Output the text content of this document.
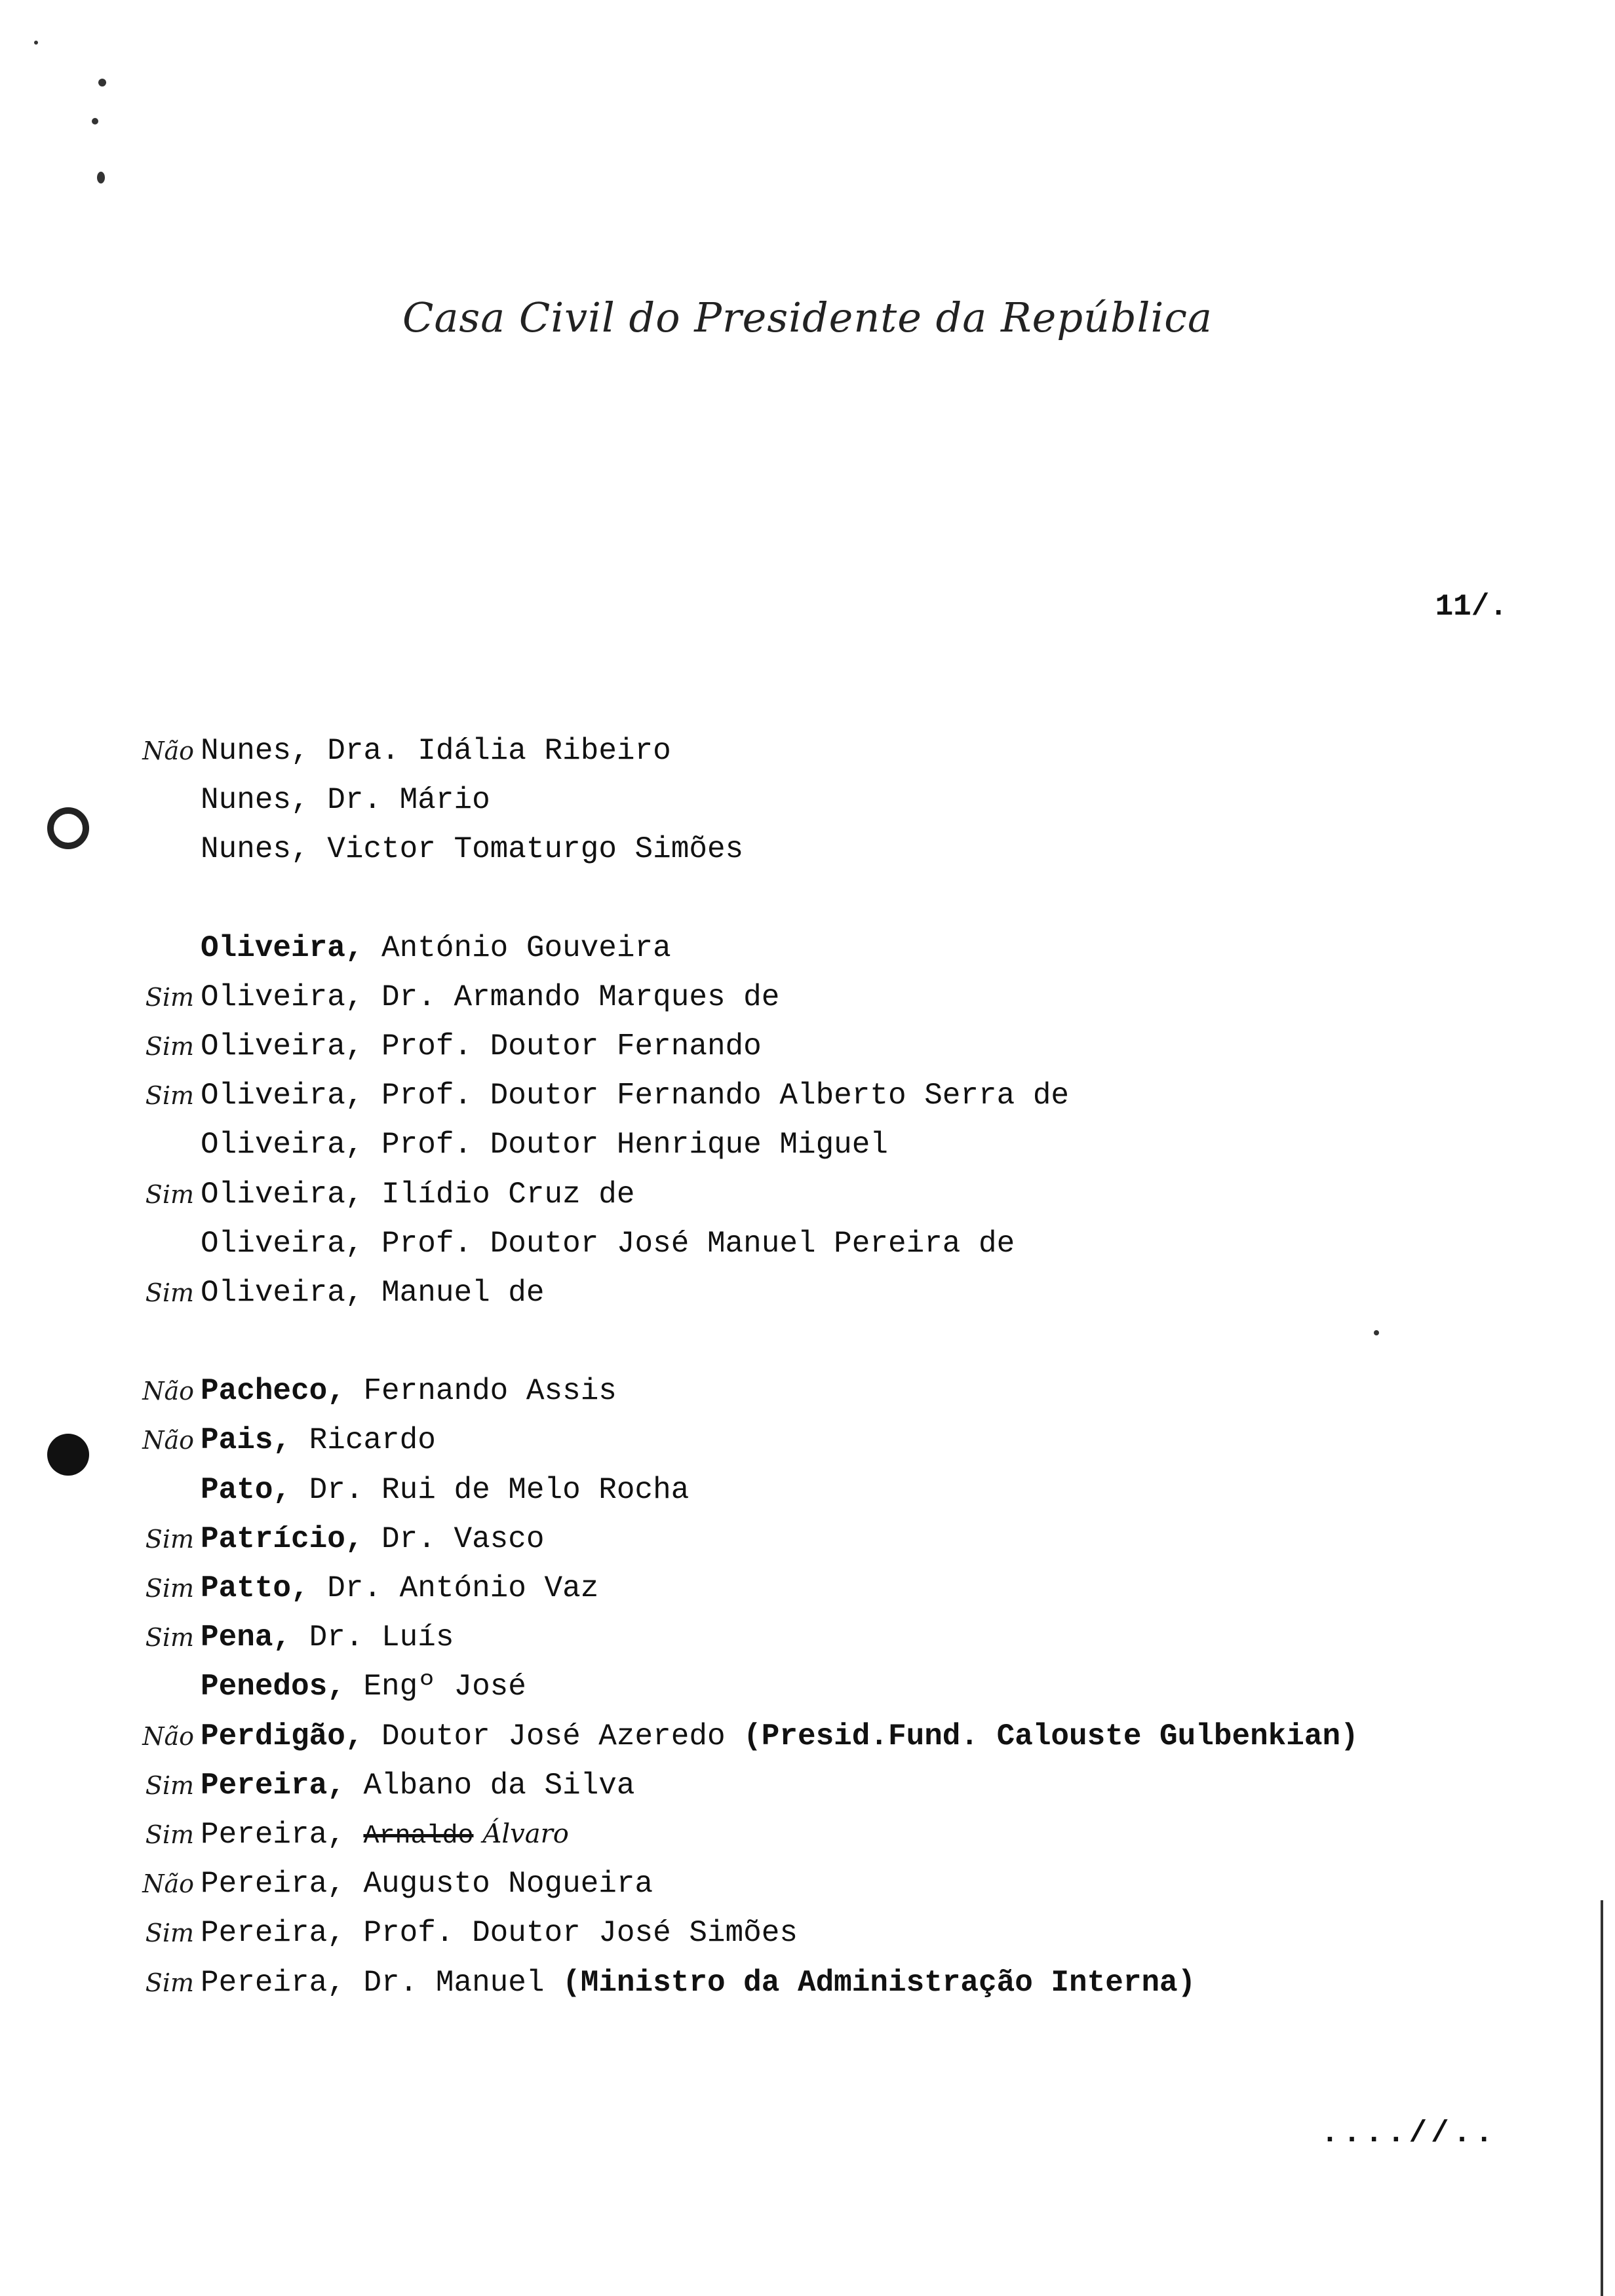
Casa Civil do Presidente da República
11/.
Não Nunes, Dra. Idália Ribeiro
Nunes, Dr. Mário
Nunes, Victor Tomaturgo Simões
Oliveira, António Gouveira
Sim Oliveira, Dr. Armando Marques de
Sim Oliveira, Prof. Doutor Fernando
Sim Oliveira, Prof. Doutor Fernando Alberto Serra de
Oliveira, Prof. Doutor Henrique Miguel
Sim Oliveira, Ilídio Cruz de
Oliveira, Prof. Doutor José Manuel Pereira de
Sim Oliveira, Manuel de
Não Pacheco, Fernando Assis
Não Pais, Ricardo
Pato, Dr. Rui de Melo Rocha
Sim Patrício, Dr. Vasco
Sim Patto, Dr. António Vaz
Sim Pena, Dr. Luís
Penedos, Engº José
Não Perdigão, Doutor José Azeredo (Presid.Fund. Calouste Gulbenkian)
Sim Pereira, Albano da Silva
Sim Pereira, Arnaldo Álvaro
Não Pereira, Augusto Nogueira
Sim Pereira, Prof. Doutor José Simões
Sim Pereira, Dr. Manuel (Ministro da Administração Interna)
....//..
